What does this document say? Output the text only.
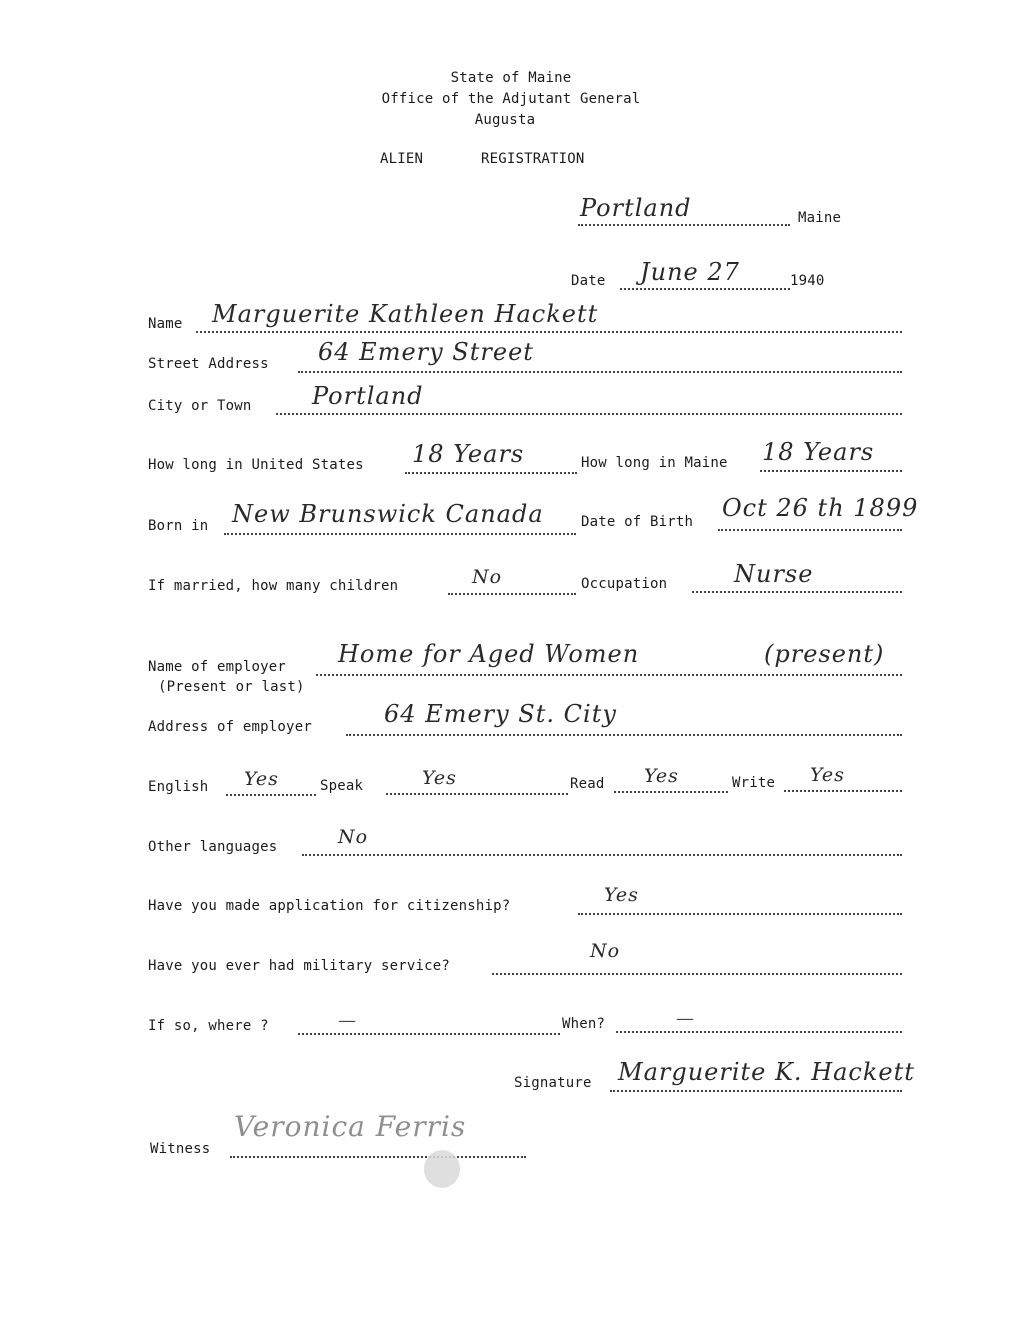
State of Maine
Office of the Adjutant General
Augusta
ALIEN	REGISTRATION
Portland	Maine
Date June 27	1940
Name Marguerite Kathleen Hackett
Street Address 64 Emery Street
City or Town	Portland
How long in United States 18 Years	How long in Maine 18 Years
Born in New Brunswick Canada	Date of Birth Oct 26 th 1899
If married, how many children	No	Occupation	Nurse
Name of employer
(Present or last)
Home for Aged Women	(present)
Address of employer	64 Emery St. City
English Yes	Speak	Yes	Read Yes	Write Yes
Other languages	No
Have you made application for citizenship?	Yes
Have you ever had military service?
No
If so, where ?	—	When?	—
Signature Marguerite K. Hackett
Witness
Veronica Ferris
